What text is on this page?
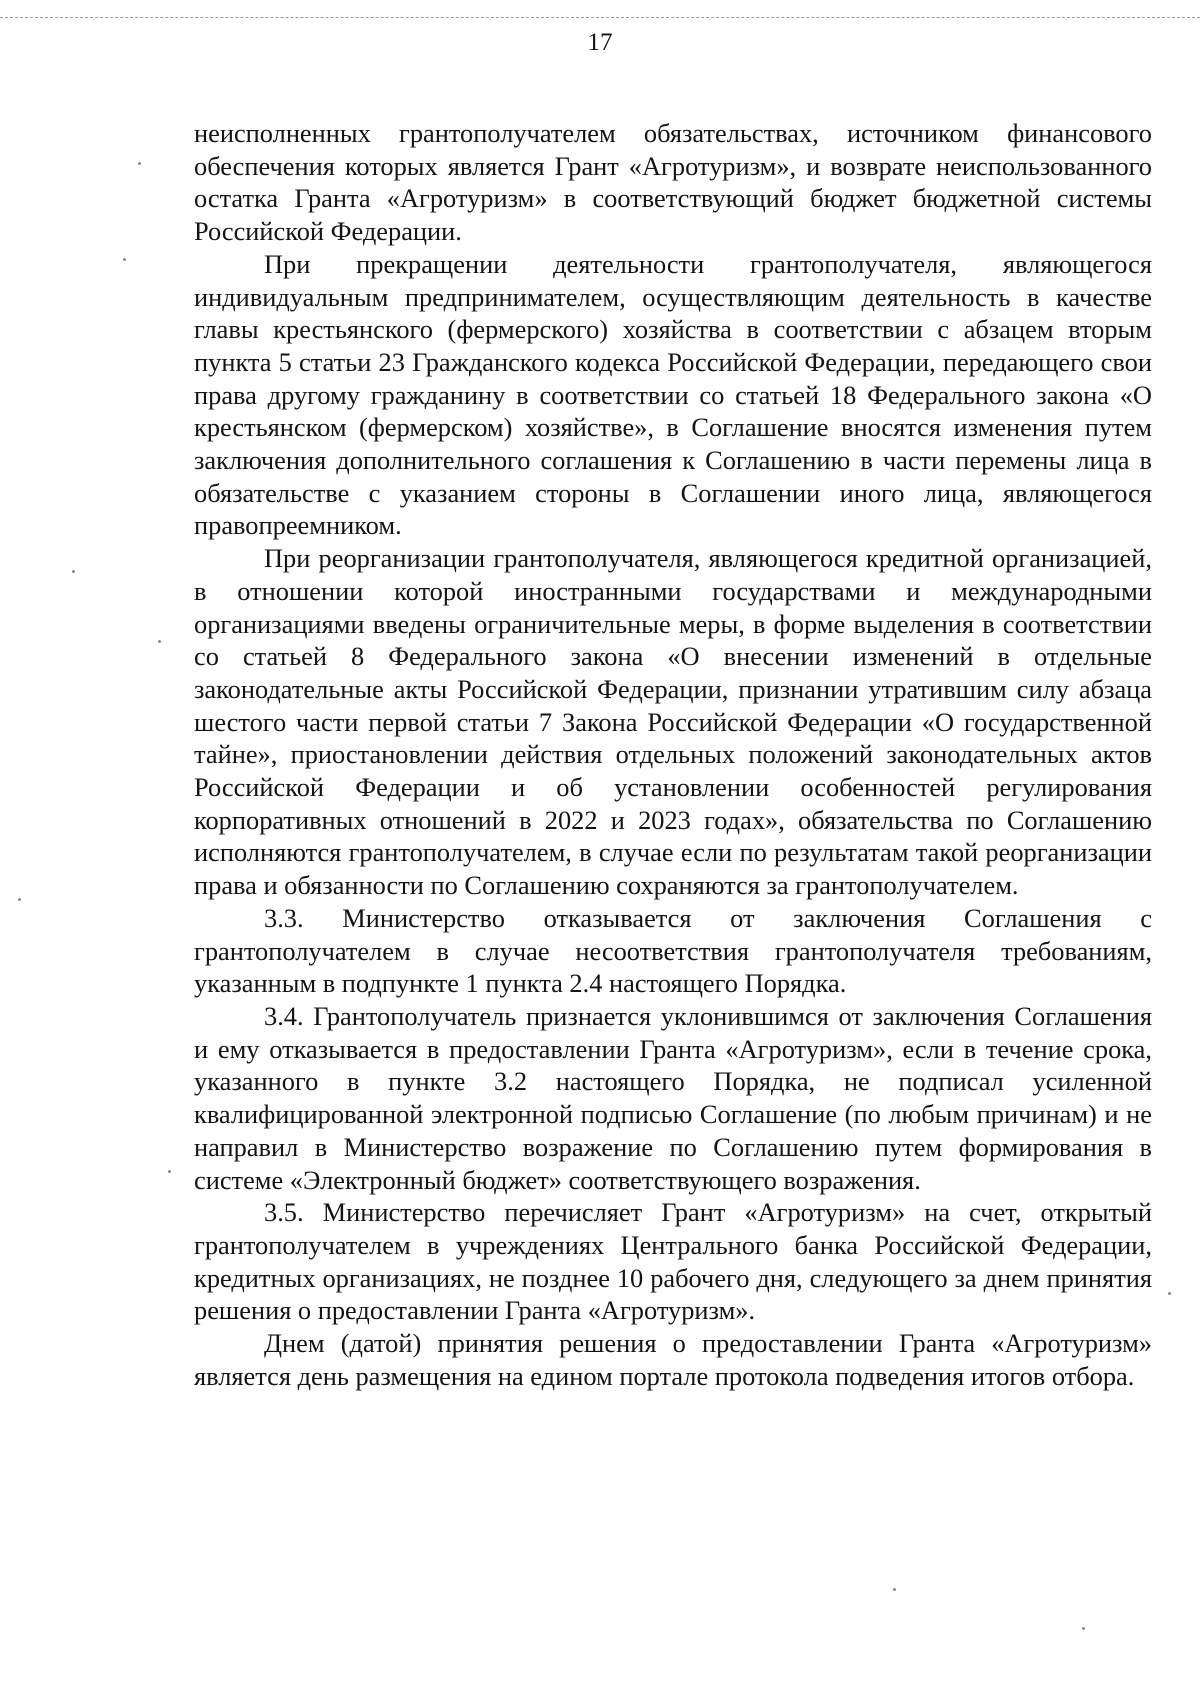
17

неисполненных грантополучателем обязательствах, источником финансового обеспечения которых является Грант «Агротуризм», и возврате неиспользованного остатка Гранта «Агротуризм» в соответствующий бюджет бюджетной системы Российской Федерации.

При прекращении деятельности грантополучателя, являющегося индивидуальным предпринимателем, осуществляющим деятельность в качестве главы крестьянского (фермерского) хозяйства в соответствии с абзацем вторым пункта 5 статьи 23 Гражданского кодекса Российской Федерации, передающего свои права другому гражданину в соответствии со статьей 18 Федерального закона «О крестьянском (фермерском) хозяйстве», в Соглашение вносятся изменения путем заключения дополнительного соглашения к Соглашению в части перемены лица в обязательстве с указанием стороны в Соглашении иного лица, являющегося правопреемником.

При реорганизации грантополучателя, являющегося кредитной организацией, в отношении которой иностранными государствами и международными организациями введены ограничительные меры, в форме выделения в соответствии со статьей 8 Федерального закона «О внесении изменений в отдельные законодательные акты Российской Федерации, признании утратившим силу абзаца шестого части первой статьи 7 Закона Российской Федерации «О государственной тайне», приостановлении действия отдельных положений законодательных актов Российской Федерации и об установлении особенностей регулирования корпоративных отношений в 2022 и 2023 годах», обязательства по Соглашению исполняются грантополучателем, в случае если по результатам такой реорганизации права и обязанности по Соглашению сохраняются за грантополучателем.

3.3. Министерство отказывается от заключения Соглашения с грантополучателем в случае несоответствия грантополучателя требованиям, указанным в подпункте 1 пункта 2.4 настоящего Порядка.

3.4. Грантополучатель признается уклонившимся от заключения Соглашения и ему отказывается в предоставлении Гранта «Агротуризм», если в течение срока, указанного в пункте 3.2 настоящего Порядка, не подписал усиленной квалифицированной электронной подписью Соглашение (по любым причинам) и не направил в Министерство возражение по Соглашению путем формирования в системе «Электронный бюджет» соответствующего возражения.

3.5. Министерство перечисляет Грант «Агротуризм» на счет, открытый грантополучателем в учреждениях Центрального банка Российской Федерации, кредитных организациях, не позднее 10 рабочего дня, следующего за днем принятия решения о предоставлении Гранта «Агротуризм».

Днем (датой) принятия решения о предоставлении Гранта «Агротуризм» является день размещения на едином портале протокола подведения итогов отбора.
